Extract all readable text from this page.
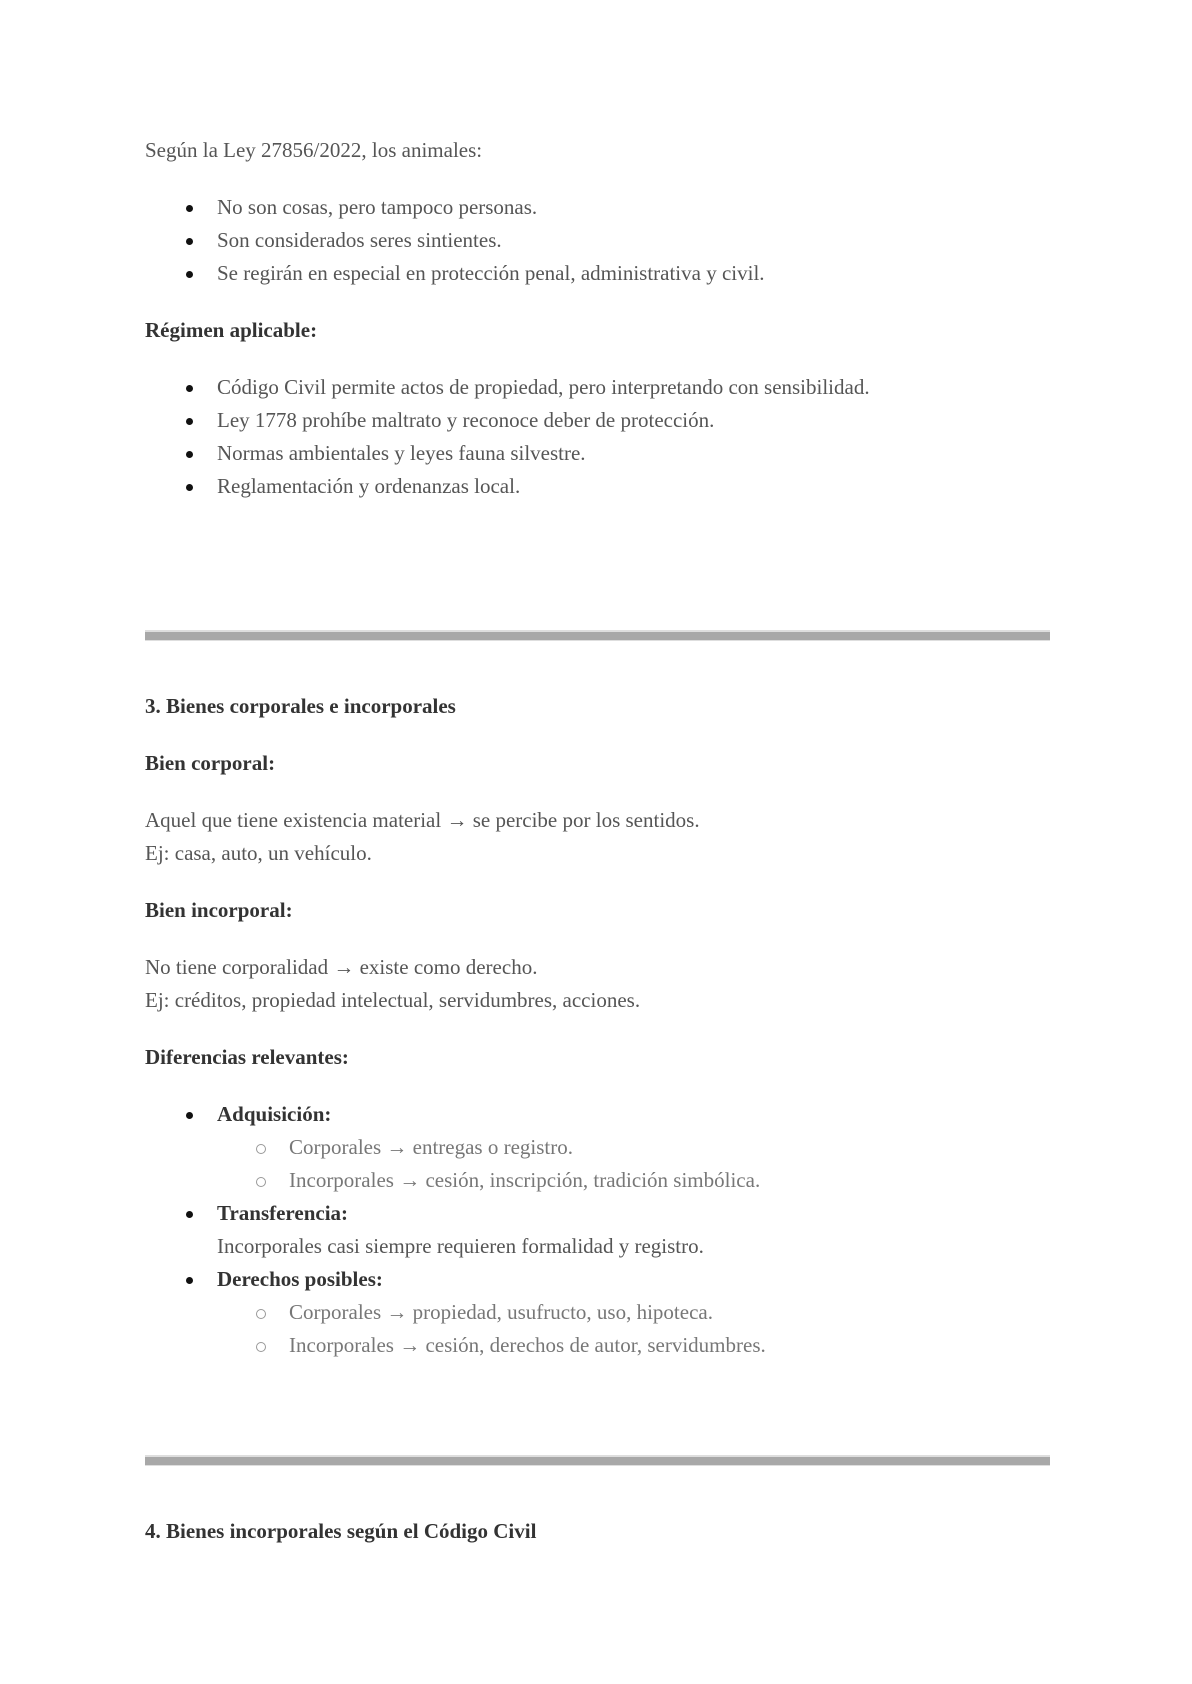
Según la Ley 27856/2022, los animales:

No son cosas, pero tampoco personas.
Son considerados seres sintientes.
Se regirán en especial en protección penal, administrativa y civil.

Régimen aplicable:

Código Civil permite actos de propiedad, pero interpretando con sensibilidad.
Ley 1778 prohíbe maltrato y reconoce deber de protección.
Normas ambientales y leyes fauna silvestre.
Reglamentación y ordenanzas local.

3. Bienes corporales e incorporales

Bien corporal:

Aquel que tiene existencia material → se percibe por los sentidos.

Ej: casa, auto, un vehículo.

Bien incorporal:

No tiene corporalidad → existe como derecho.

Ej: créditos, propiedad intelectual, servidumbres, acciones.

Diferencias relevantes:

Adquisición:
Corporales → entregas o registro.
Incorporales → cesión, inscripción, tradición simbólica.
Transferencia:
Incorporales casi siempre requieren formalidad y registro.
Derechos posibles:
Corporales → propiedad, usufructo, uso, hipoteca.
Incorporales → cesión, derechos de autor, servidumbres.

4. Bienes incorporales según el Código Civil
